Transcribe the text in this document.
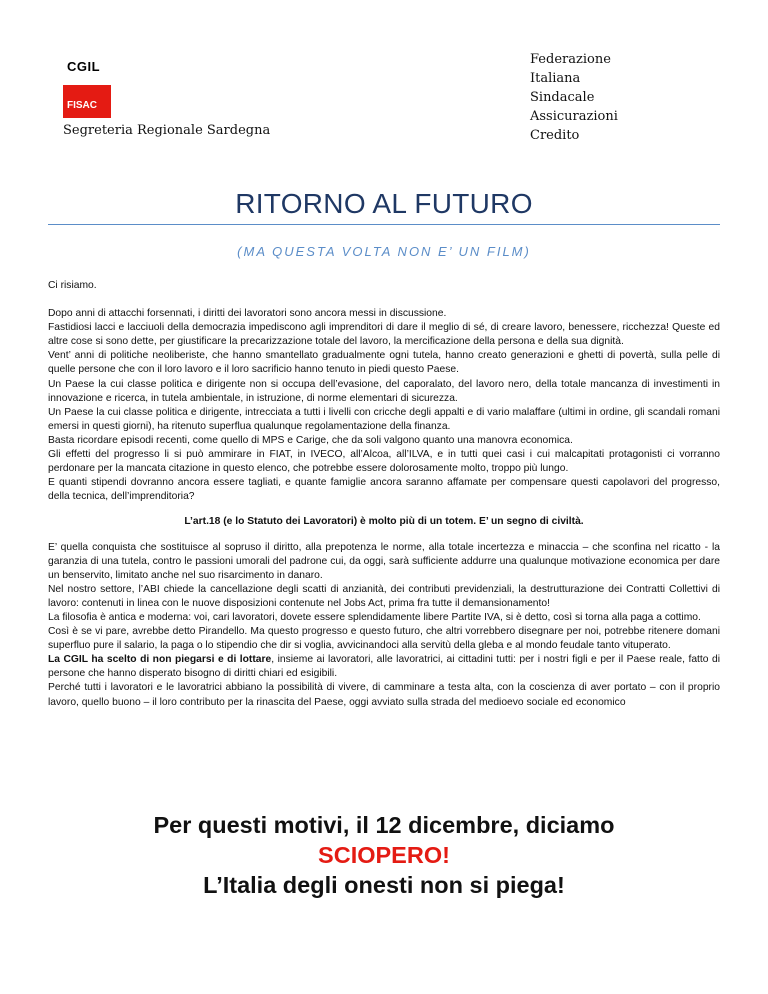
CGIL
FISAC
Segreteria Regionale Sardegna
Federazione
Italiana
Sindacale
Assicurazioni
Credito
RITORNO AL FUTURO
(MA QUESTA VOLTA NON E’ UN FILM)

Ci risiamo.

Dopo anni di attacchi forsennati, i diritti dei lavoratori sono ancora messi in discussione.

Fastidiosi lacci e lacciuoli della democrazia impediscono agli imprenditori di dare il meglio di sé, di creare lavoro, benessere, ricchezza! Queste ed altre cose si sono dette, per giustificare la precarizzazione totale del lavoro, la mercificazione della persona e della sua dignità.

Vent’ anni di politiche neoliberiste, che hanno smantellato gradualmente ogni tutela, hanno creato generazioni e ghetti di povertà, sulla pelle di quelle persone che con il loro lavoro e il loro sacrificio hanno tenuto in piedi questo Paese.

Un Paese la cui classe politica e dirigente non si occupa dell’evasione, del caporalato, del lavoro nero, della totale mancanza di investimenti in innovazione e ricerca, in tutela ambientale, in istruzione, di norme elementari di sicurezza.

Un Paese la cui classe politica e dirigente, intrecciata a tutti i livelli con cricche degli appalti e di vario malaffare (ultimi in ordine, gli scandali romani emersi in questi giorni), ha ritenuto superflua qualunque regolamentazione della finanza.

Basta ricordare episodi recenti, come quello di MPS e Carige, che da soli valgono quanto una manovra economica.

Gli effetti del progresso li si può ammirare in FIAT, in IVECO, all’Alcoa, all’ILVA, e in tutti quei casi i cui malcapitati protagonisti ci vorranno perdonare per la mancata citazione in questo elenco, che potrebbe essere dolorosamente molto, troppo più lungo.

E quanti stipendi dovranno ancora essere tagliati, e quante famiglie ancora saranno affamate per compensare questi capolavori del progresso, della tecnica, dell’imprenditoria?

L’art.18 (e lo Statuto dei Lavoratori) è molto più di un totem. E’ un segno di civiltà.

E’ quella conquista che sostituisce al sopruso il diritto, alla prepotenza le norme, alla totale incertezza e minaccia – che sconfina nel ricatto - la garanzia di una tutela, contro le passioni umorali del padrone cui, da oggi, sarà sufficiente addurre una qualunque motivazione economica per dare un benservito, limitato anche nel suo risarcimento in danaro.

Nel nostro settore, l’ABI chiede la cancellazione degli scatti di anzianità, dei contributi previdenziali, la destrutturazione dei Contratti Collettivi di lavoro: contenuti in linea con le nuove disposizioni contenute nel Jobs Act, prima fra tutte il demansionamento!

La filosofia è antica e moderna: voi, cari lavoratori, dovete essere splendidamente libere Partite IVA, si è detto, così si torna alla paga a cottimo.

Così è se vi pare, avrebbe detto Pirandello. Ma questo progresso e questo futuro, che altri vorrebbero disegnare per noi, potrebbe ritenere domani superfluo pure il salario, la paga o lo stipendio che dir si voglia, avvicinandoci alla servitù della gleba e al mondo feudale tanto vituperato.

La CGIL ha scelto di non piegarsi e di lottare, insieme ai lavoratori, alle lavoratrici, ai cittadini tutti: per i nostri figli e per il Paese reale, fatto di persone che hanno disperato bisogno di diritti chiari ed esigibili.

Perché tutti i lavoratori e le lavoratrici abbiano la possibilità di vivere, di camminare a testa alta, con la coscienza di aver portato – con il proprio lavoro, quello buono – il loro contributo per la rinascita del Paese, oggi avviato sulla strada del medioevo sociale ed economico

Per questi motivi, il 12 dicembre, diciamo
SCIOPERO!
L’Italia degli onesti non si piega!
